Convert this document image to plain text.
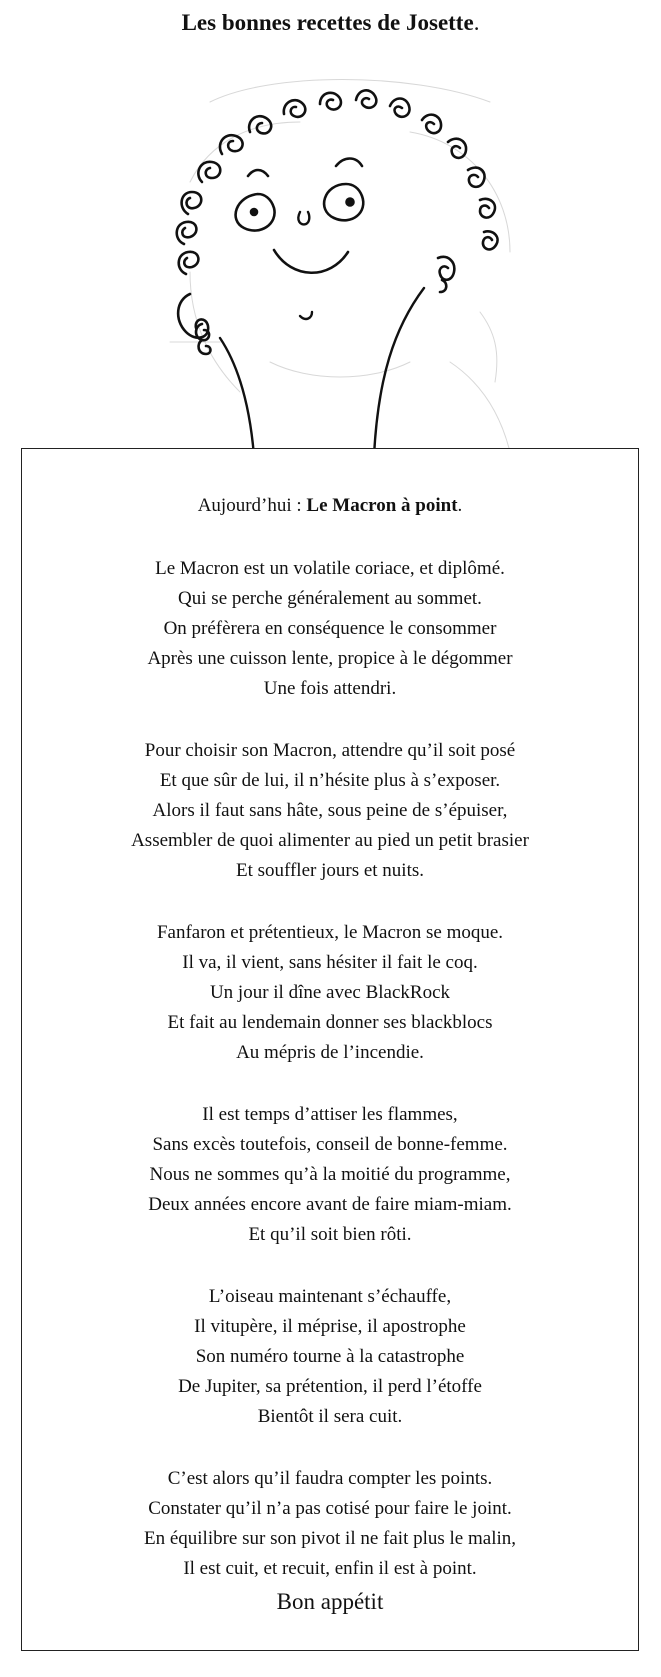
Les bonnes recettes de Josette.
Aujourd’hui : Le Macron à point.
Le Macron est un volatile coriace, et diplômé.
Qui se perche généralement au sommet.
On préfèrera en conséquence le consommer
Après une cuisson lente, propice à le dégommer
Une fois attendri.
Pour choisir son Macron, attendre qu’il soit posé
Et que sûr de lui, il n’hésite plus à s’exposer.
Alors il faut sans hâte, sous peine de s’épuiser,
Assembler de quoi alimenter au pied un petit brasier
Et souffler jours et nuits.
Fanfaron et prétentieux, le Macron se moque.
Il va, il vient, sans hésiter il fait le coq.
Un jour il dîne avec BlackRock
Et fait au lendemain donner ses blackblocs
Au mépris de l’incendie.
Il est temps d’attiser les flammes,
Sans excès toutefois, conseil de bonne-femme.
Nous ne sommes qu’à la moitié du programme,
Deux années encore avant de faire miam-miam.
Et qu’il soit bien rôti.
L’oiseau maintenant s’échauffe,
Il vitupère, il méprise, il apostrophe
Son numéro tourne à la catastrophe
De Jupiter, sa prétention, il perd l’étoffe
Bientôt il sera cuit.
C’est alors qu’il faudra compter les points.
Constater qu’il n’a pas cotisé pour faire le joint.
En équilibre sur son pivot il ne fait plus le malin,
Il est cuit, et recuit, enfin il est à point.
Bon appétit
